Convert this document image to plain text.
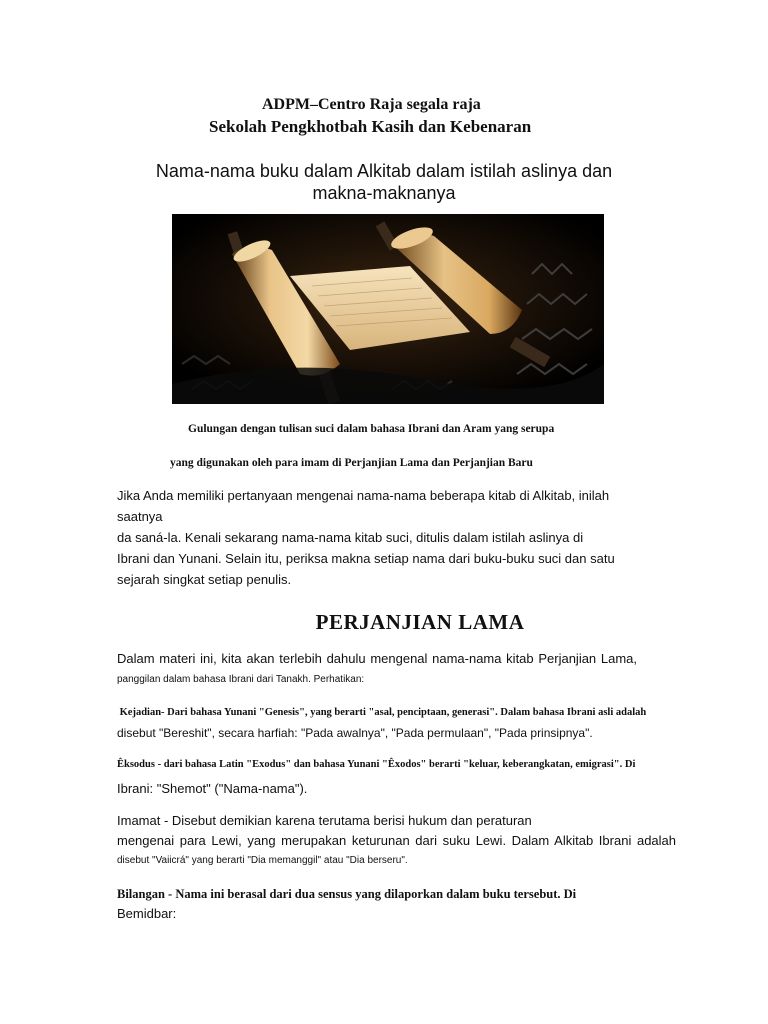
ADPM–Centro Raja segala raja
Sekolah Pengkhotbah Kasih dan Kebenaran
Nama-nama buku dalam Alkitab dalam istilah aslinya dan
makna-maknanya
Gulungan dengan tulisan suci dalam bahasa Ibrani dan Aram yang serupa
yang digunakan oleh para imam di Perjanjian Lama dan Perjanjian Baru
Jika Anda memiliki pertanyaan mengenai nama-nama beberapa kitab di Alkitab, inilah saatnya
da saná-la. Kenali sekarang nama-nama kitab suci, ditulis dalam istilah aslinya di
Ibrani dan Yunani. Selain itu, periksa makna setiap nama dari buku-buku suci dan satu
sejarah singkat setiap penulis.
PERJANJIAN LAMA
Dalam materi ini, kita akan terlebih dahulu mengenal nama-nama kitab Perjanjian Lama,
panggilan dalam bahasa Ibrani dari Tanakh. Perhatikan:
Kejadian- Dari bahasa Yunani "Genesis", yang berarti "asal, penciptaan, generasi". Dalam bahasa Ibrani asli adalah
disebut "Bereshit", secara harfiah: "Pada awalnya", "Pada permulaan", "Pada prinsipnya".
Êksodus - dari bahasa Latin "Exodus" dan bahasa Yunani "Êxodos" berarti "keluar, keberangkatan, emigrasi". Di
Ibrani: "Shemot" ("Nama-nama").
Imamat - Disebut demikian karena terutama berisi hukum dan peraturan
mengenai para Lewi, yang merupakan keturunan dari suku Lewi. Dalam Alkitab Ibrani adalah
disebut "Vaiicrá" yang berarti "Dia memanggil" atau "Dia berseru".
Bilangan - Nama ini berasal dari dua sensus yang dilaporkan dalam buku tersebut. Di
Bemidbar:
